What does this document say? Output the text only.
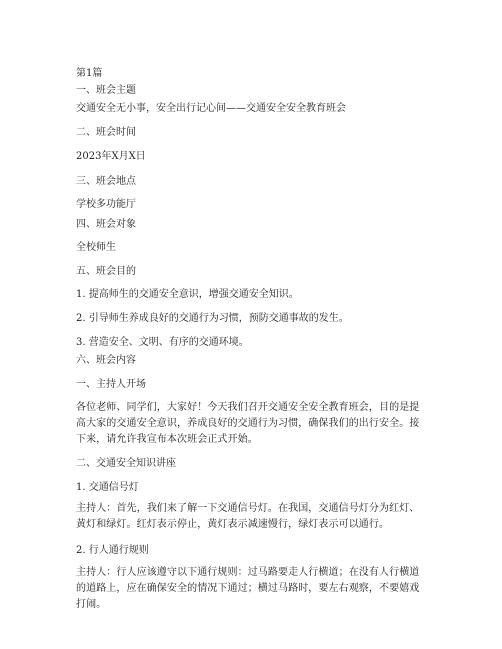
第1篇
一、班会主题
交通安全无小事，安全出行记心间——交通安全安全教育班会
二、班会时间
2023年X月X日
三、班会地点
学校多功能厅
四、班会对象
全校师生
五、班会目的
1. 提高师生的交通安全意识，增强交通安全知识。
2. 引导师生养成良好的交通行为习惯，预防交通事故的发生。
3. 营造安全、文明、有序的交通环境。
六、班会内容
一、主持人开场
各位老师、同学们，大家好！今天我们召开交通安全安全教育班会，目的是提高大家的交通安全意识，养成良好的交通行为习惯，确保我们的出行安全。接下来，请允许我宣布本次班会正式开始。
二、交通安全知识讲座
1. 交通信号灯
主持人：首先，我们来了解一下交通信号灯。在我国，交通信号灯分为红灯、黄灯和绿灯。红灯表示停止，黄灯表示减速慢行，绿灯表示可以通行。
2. 行人通行规则
主持人：行人应该遵守以下通行规则：过马路要走人行横道；在没有人行横道的道路上，应在确保安全的情况下通过；横过马路时，要左右观察，不要嬉戏打闹。
